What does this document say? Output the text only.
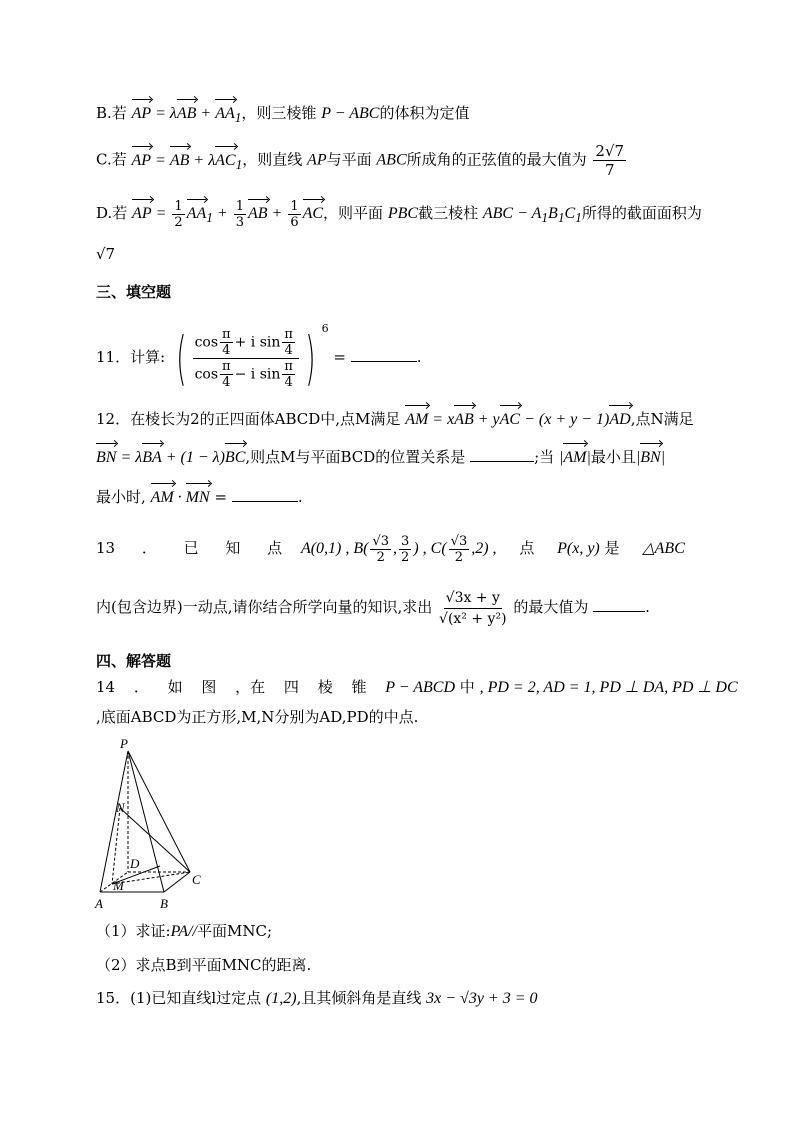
B.若 AP = $\lambda AB + AA_1$，则三棱锥 P − ABC的体积为定值
C.若 AP = AB + λAC$_1$，则直线 AP与平面 ABC所成角的正弦值的最大值为 $\frac{2√7}{7}$
D.若 AP = $\frac{1}{2} AA_1 + \frac{1}{3}$ AB + $\frac{1}{6}$ AC，则平面 PBC截三棱柱 ABC − $A_1B_1C_1$所得的截面面积为
√7
三、填空题
11．计算: ( $\frac{\cos \frac{\pi}{4} + i \sin \frac{\pi}{4}}{\cos \frac{\pi}{4} - i \sin \frac{\pi}{4}}$ ) $^6$ =	.
12．在棱长为2的正四面体ABCD中,点M满足 AM = xAB + yAC − (x + y − 1)AD,点N满足
BN = λBA + (1 − λ)BC,则点M与平面BCD的位置关系是	;当 |AM|最小且|BN|
最小时, AM · MN =	.
13 ． 已 知 点 A(0,1) , $B( \frac{√3}{2}$ , $\frac{3}{2}$ ) , $C( \frac{√3}{2} ,2)$ , 点 P(x, y) 是 △ABC
内(包含边界)一动点,请你结合所学向量的知识,求出 $\frac{√3x + y}{\text{√(x² + y²)}}$ 的最大值为	.
四、解答题
14 ． 如 图 ，在 四 棱 锥 P − ABCD 中 , PD = 2, AD = 1, PD ⊥ DA, PD ⊥ DC
,底面ABCD为正方形,M,N分别为AD,PD的中点.
P
N
D
M
A	B
C
（1）求证:PA//平面MNC;
（2）求点B到平面MNC的距离.
15．(1)已知直线l过定点 (1,2),且其倾斜角是直线 3x − √3y + 3 = 0
